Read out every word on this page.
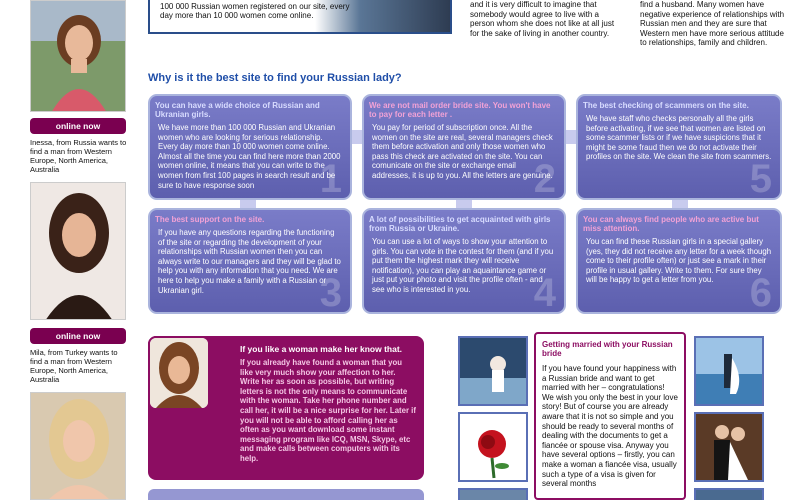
online now
Inessa, from Russia wants to find a man from Western Europe, North America, Australia
online now
Mila, from Turkey wants to find a man from Western Europe, North America, Australia

100 000 Russian women registered on our site, every day more than 10 000 women come online.

and it is very difficult to imagine that somebody would agree to live with a person whom she does not like at all just for the sake of living in another country.
find a husband. Many women have negative experience of relationships with Russian men and they are sure that Western men have more serious attitude to relationships, family and children.
Why is it the best site to find your Russian lady?
You can have a wide choice of Russian and Ukranian girls.

We have more than 100 000 Russian and Ukranian women who are looking for serious relationship. Every day more than 10 000 women come online. Almost all the time you can find here more than 2000 women online, it means that you can write to the women from first 100 pages in search result and be sure to have response soon	1
We are not mail order bride site. You won't have to pay for each letter .

You pay for period of subscription once. All the women on the site are real, several managers check them before activation and only those women who pass this check are activated on the site. You can comunicate on the site or exchange email addresses, it is up to you. All the letters are genuine.

2
The best checking of scammers on the site.

We have staff who checks personally all the girls before activating, if we see that women are listed on some scammer lists or if we have suspicions that it might be some fraud then we do not activate their profiles on the site. We clean the site from scammers.

5
The best support on the site.

If you have any questions regarding the functioning of the site or regarding the development of your relationships with Russian women then you can always write to our managers and they will be glad to help you with any information that you need. We are here to help you make a family with a Russian or Ukranian girl.	3
A lot of possibilities to get acquainted with girls from Russia or Ukraine.

You can use a lot of ways to show your attention to girls. You can vote in the contest for them (and if you put them the highest mark they will receive notification), you can play an aquaintance game or just put your photo and visit the profile often - and see who is interested in you.	4
You can always find people who are active but miss attention.

You can find these Russian girls in a special gallery (yes, they did not receive any letter for a week though come to their profile often) or just see a mark in their profile in usual gallery. Write to them. For sure they will be happy to get a letter from you. 6
If you like a woman make her know that.

If you already have found a woman that you like very much show your affection to her. Write her as soon as possible, but writing letters is not the only means to communicate with the woman. Take her phone number and call her, it will be a nice surprise for her. Later if you will not be able to afford calling her as often as you want download some instant messaging program like ICQ, MSN, Skype, etc and make calls between computers with its help.

Getting married with your Russian bride

If you have found your happiness with a Russian bride and want to get married with her – congratulations! We wish you only the best in your love story! But of course you are already aware that it is not so simple and you should be ready to several months of dealing with the documents to get a fiancée or spouse visa. Anyway you have several options – firstly, you can make a woman a fiancée visa, usually such a type of a visa is given for several months
